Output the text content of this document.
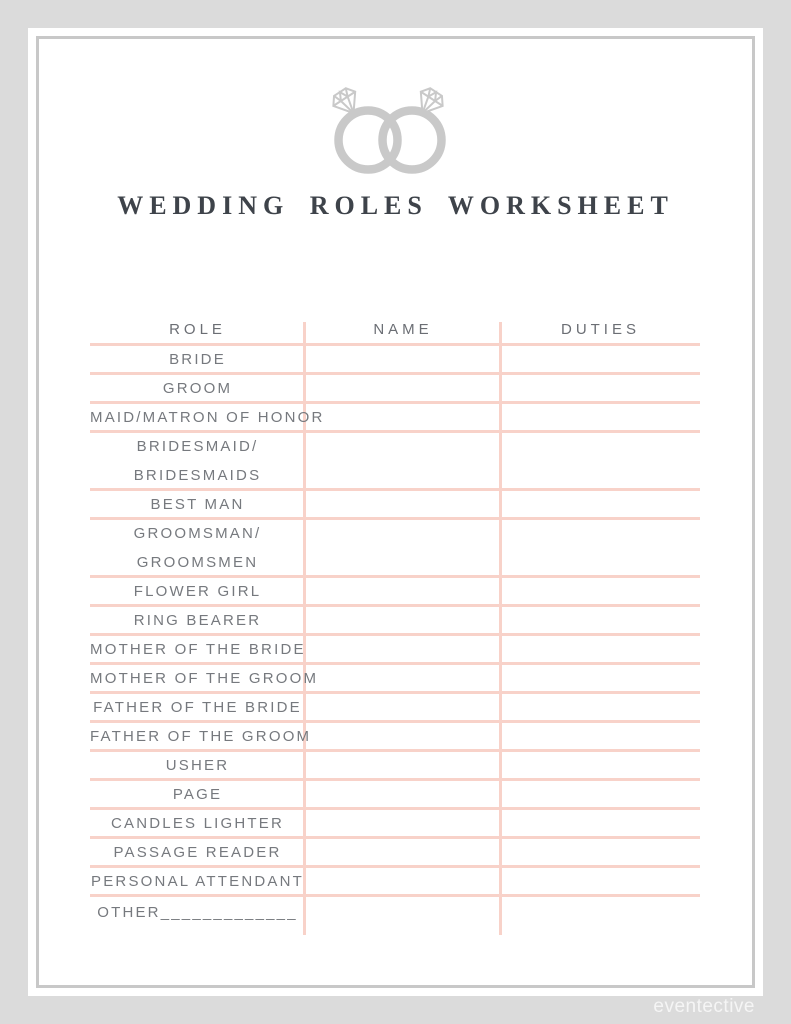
WEDDING ROLES WORKSHEET
ROLE	NAME	DUTIES
BRIDE
GROOM
MAID/MATRON OF HONOR
BRIDESMAID/
BRIDESMAIDS
BEST MAN
GROOMSMAN/
GROOMSMEN
FLOWER GIRL
RING BEARER
MOTHER OF THE BRIDE
MOTHER OF THE GROOM
FATHER OF THE BRIDE
FATHER OF THE GROOM
USHER
PAGE
CANDLES LIGHTER
PASSAGE READER
PERSONAL ATTENDANT
OTHER_____________
eventective
